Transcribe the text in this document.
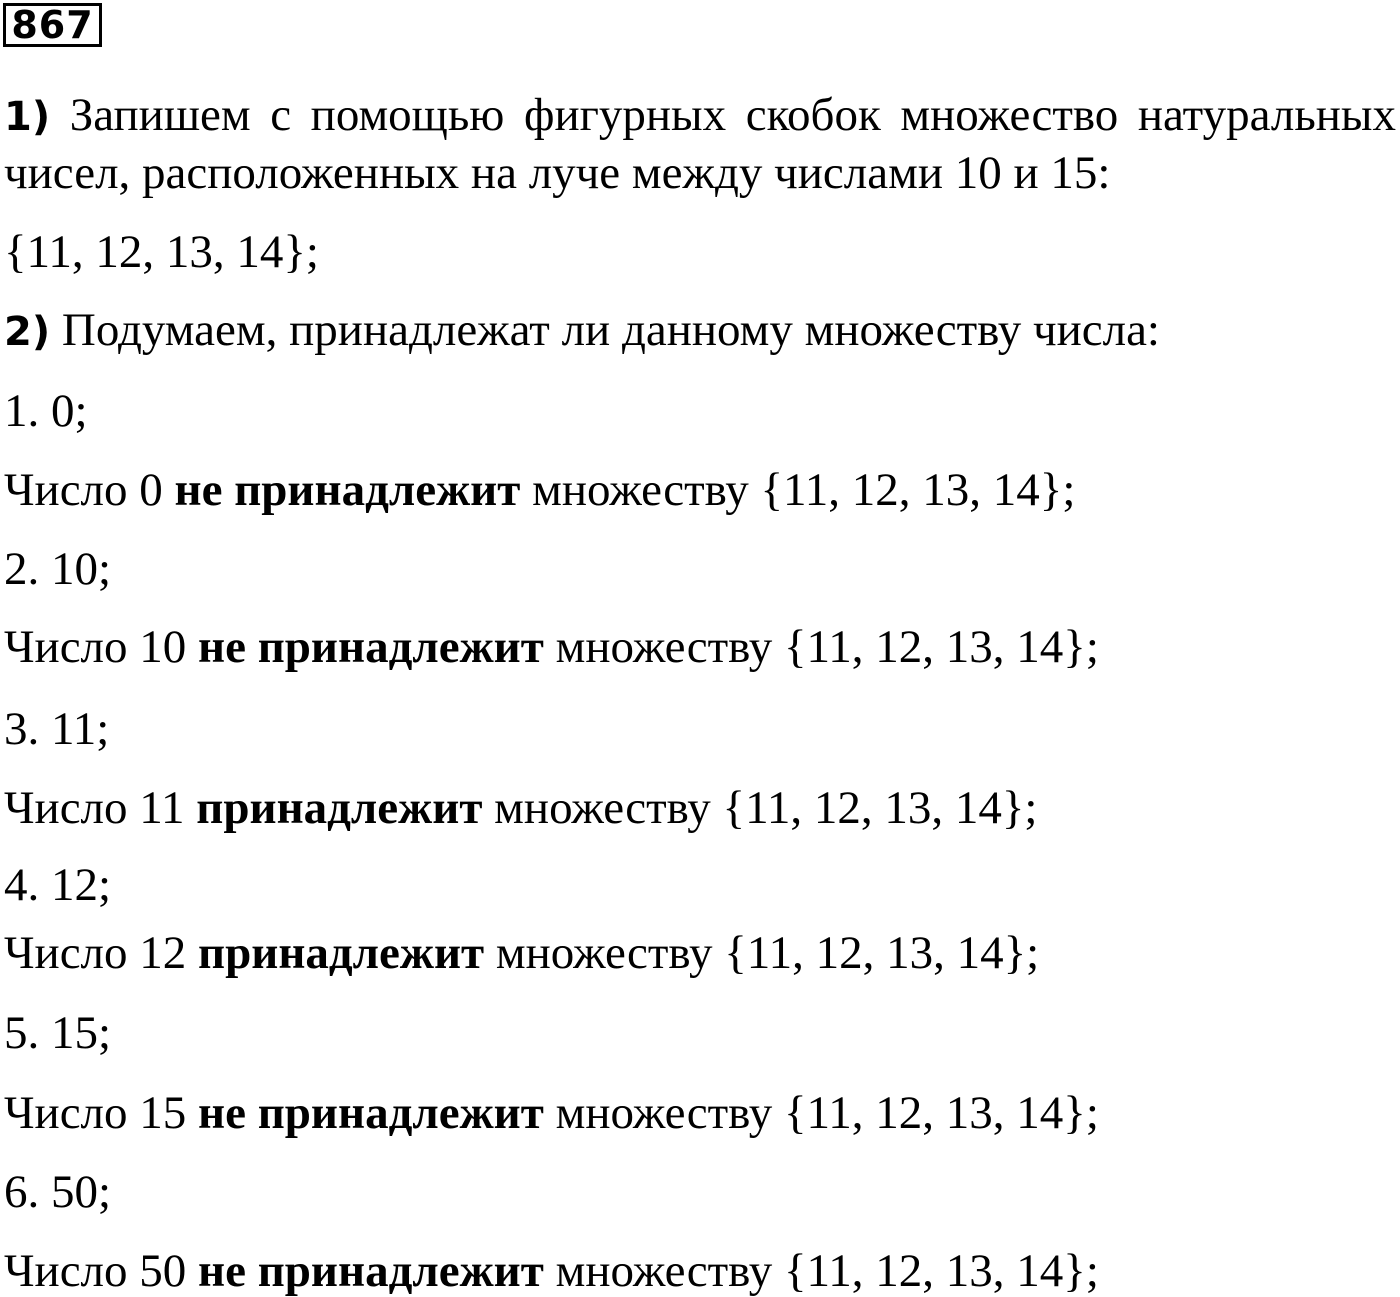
867
1) Запишем с помощью фигурных скобок множество натуральных
чисел, расположенных на луче между числами 10 и 15:
{11, 12, 13, 14};
2) Подумаем, принадлежат ли данному множеству числа:
1. 0;
Число 0 не принадлежит множеству {11, 12, 13, 14};
2. 10;
Число 10 не принадлежит множеству {11, 12, 13, 14};
3. 11;
Число 11 принадлежит множеству {11, 12, 13, 14};
4. 12;
Число 12 принадлежит множеству {11, 12, 13, 14};
5. 15;
Число 15 не принадлежит множеству {11, 12, 13, 14};
6. 50;
Число 50 не принадлежит множеству {11, 12, 13, 14};
